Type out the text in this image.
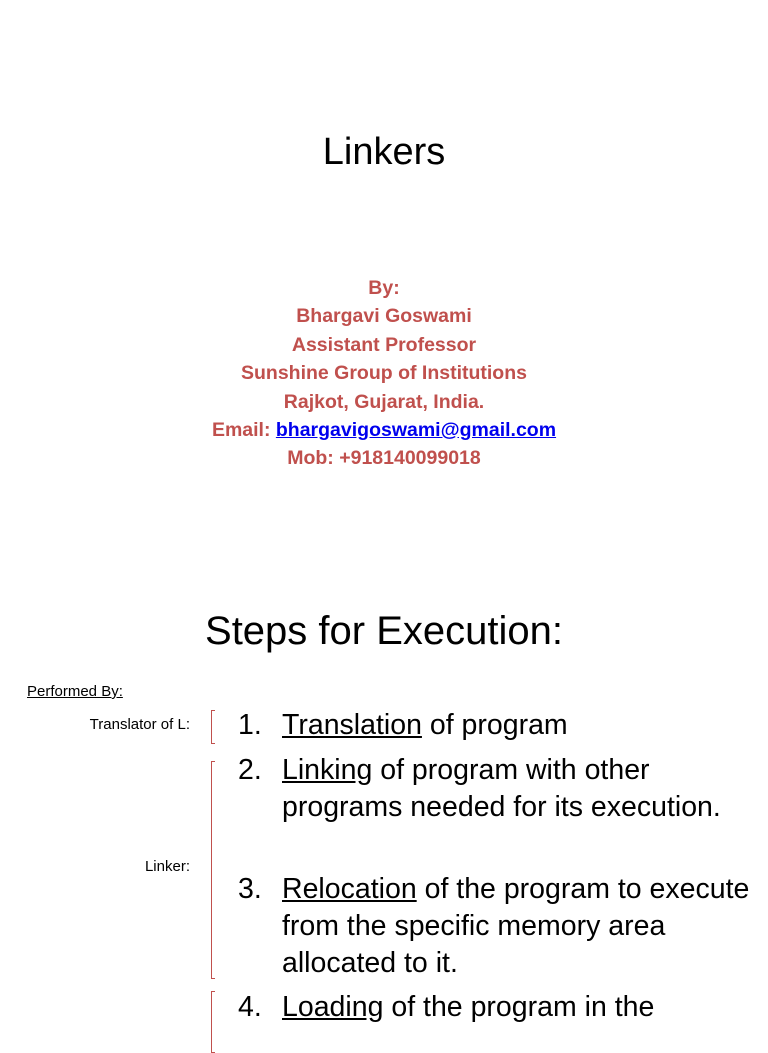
Linkers
By:
Bhargavi Goswami
Assistant Professor
Sunshine Group of Institutions
Rajkot, Gujarat, India.
Email: bhargavigoswami@gmail.com
Mob: +918140099018
Steps for Execution:
Performed By:
Translator of L:
Linker:
1. Translation of program
2. Linking of program with other programs needed for its execution.
3. Relocation of the program to execute from the specific memory area allocated to it.
4. Loading of the program in the
